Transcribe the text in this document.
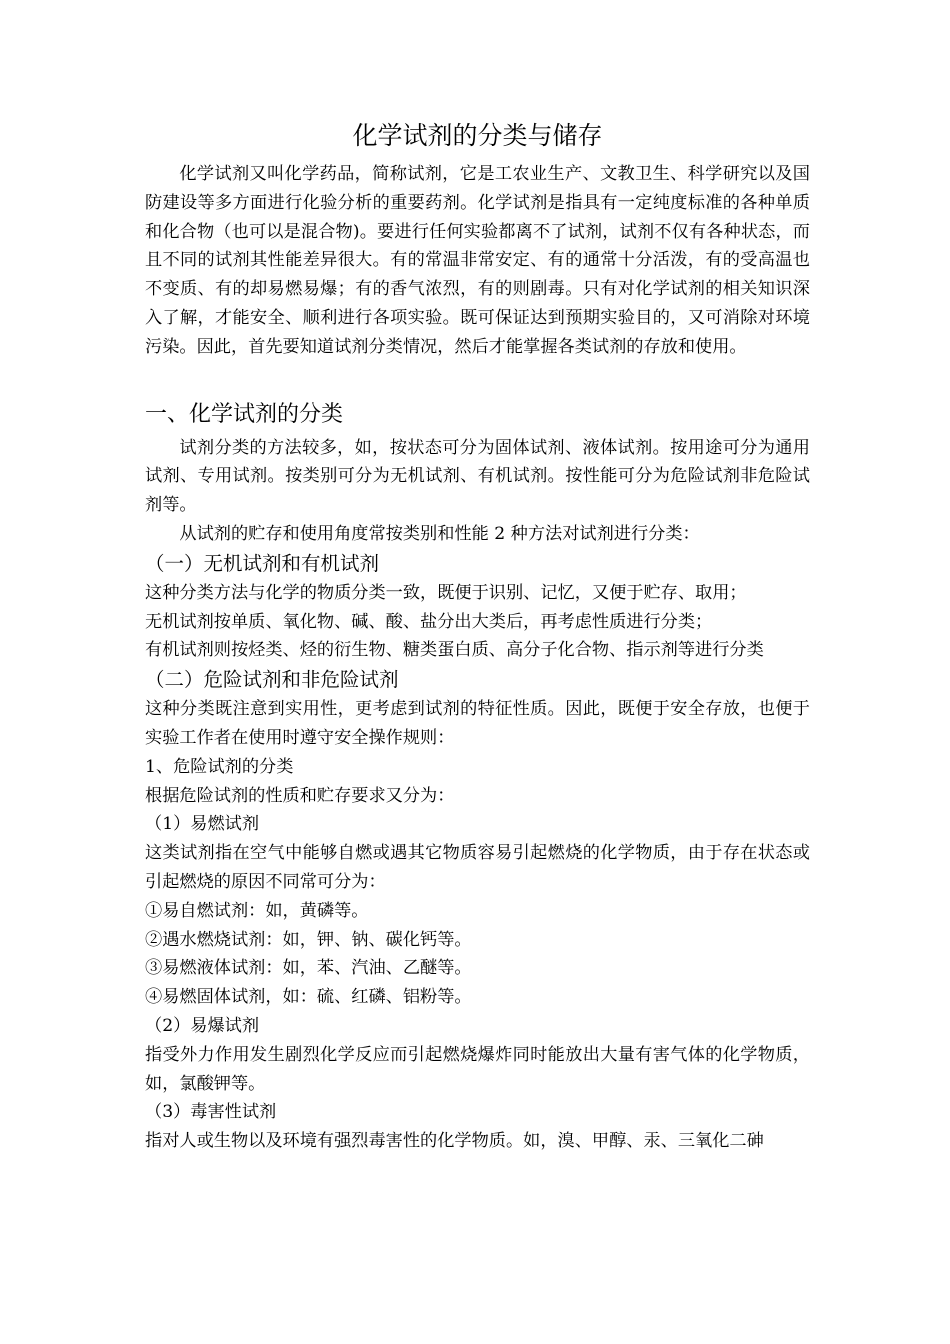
化学试剂的分类与储存

化学试剂又叫化学药品，简称试剂，它是工农业生产、文教卫生、科学研究以及国防建设等多方面进行化验分析的重要药剂。化学试剂是指具有一定纯度标准的各种单质和化合物（也可以是混合物)。要进行任何实验都离不了试剂，试剂不仅有各种状态，而且不同的试剂其性能差异很大。有的常温非常安定、有的通常十分活泼，有的受高温也不变质、有的却易燃易爆；有的香气浓烈，有的则剧毒。只有对化学试剂的相关知识深入了解，才能安全、顺利进行各项实验。既可保证达到预期实验目的，又可消除对环境污染。因此，首先要知道试剂分类情况，然后才能掌握各类试剂的存放和使用。

一、化学试剂的分类

试剂分类的方法较多，如，按状态可分为固体试剂、液体试剂。按用途可分为通用试剂、专用试剂。按类别可分为无机试剂、有机试剂。按性能可分为危险试剂非危险试剂等。

从试剂的贮存和使用角度常按类别和性能 2 种方法对试剂进行分类：

（一）无机试剂和有机试剂

这种分类方法与化学的物质分类一致，既便于识别、记忆，又便于贮存、取用；

无机试剂按单质、氧化物、碱、酸、盐分出大类后，再考虑性质进行分类；

有机试剂则按烃类、烃的衍生物、糖类蛋白质、高分子化合物、指示剂等进行分类

（二）危险试剂和非危险试剂

这种分类既注意到实用性，更考虑到试剂的特征性质。因此，既便于安全存放，也便于实验工作者在使用时遵守安全操作规则：

1、危险试剂的分类

根据危险试剂的性质和贮存要求又分为：

（1）易燃试剂

这类试剂指在空气中能够自燃或遇其它物质容易引起燃烧的化学物质，由于存在状态或引起燃烧的原因不同常可分为：

①易自燃试剂：如，黄磷等。

②遇水燃烧试剂：如，钾、钠、碳化钙等。

③易燃液体试剂：如，苯、汽油、乙醚等。

④易燃固体试剂，如：硫、红磷、铝粉等。

（2）易爆试剂

指受外力作用发生剧烈化学反应而引起燃烧爆炸同时能放出大量有害气体的化学物质，如，氯酸钾等。

（3）毒害性试剂

指对人或生物以及环境有强烈毒害性的化学物质。如，溴、甲醇、汞、三氧化二砷
